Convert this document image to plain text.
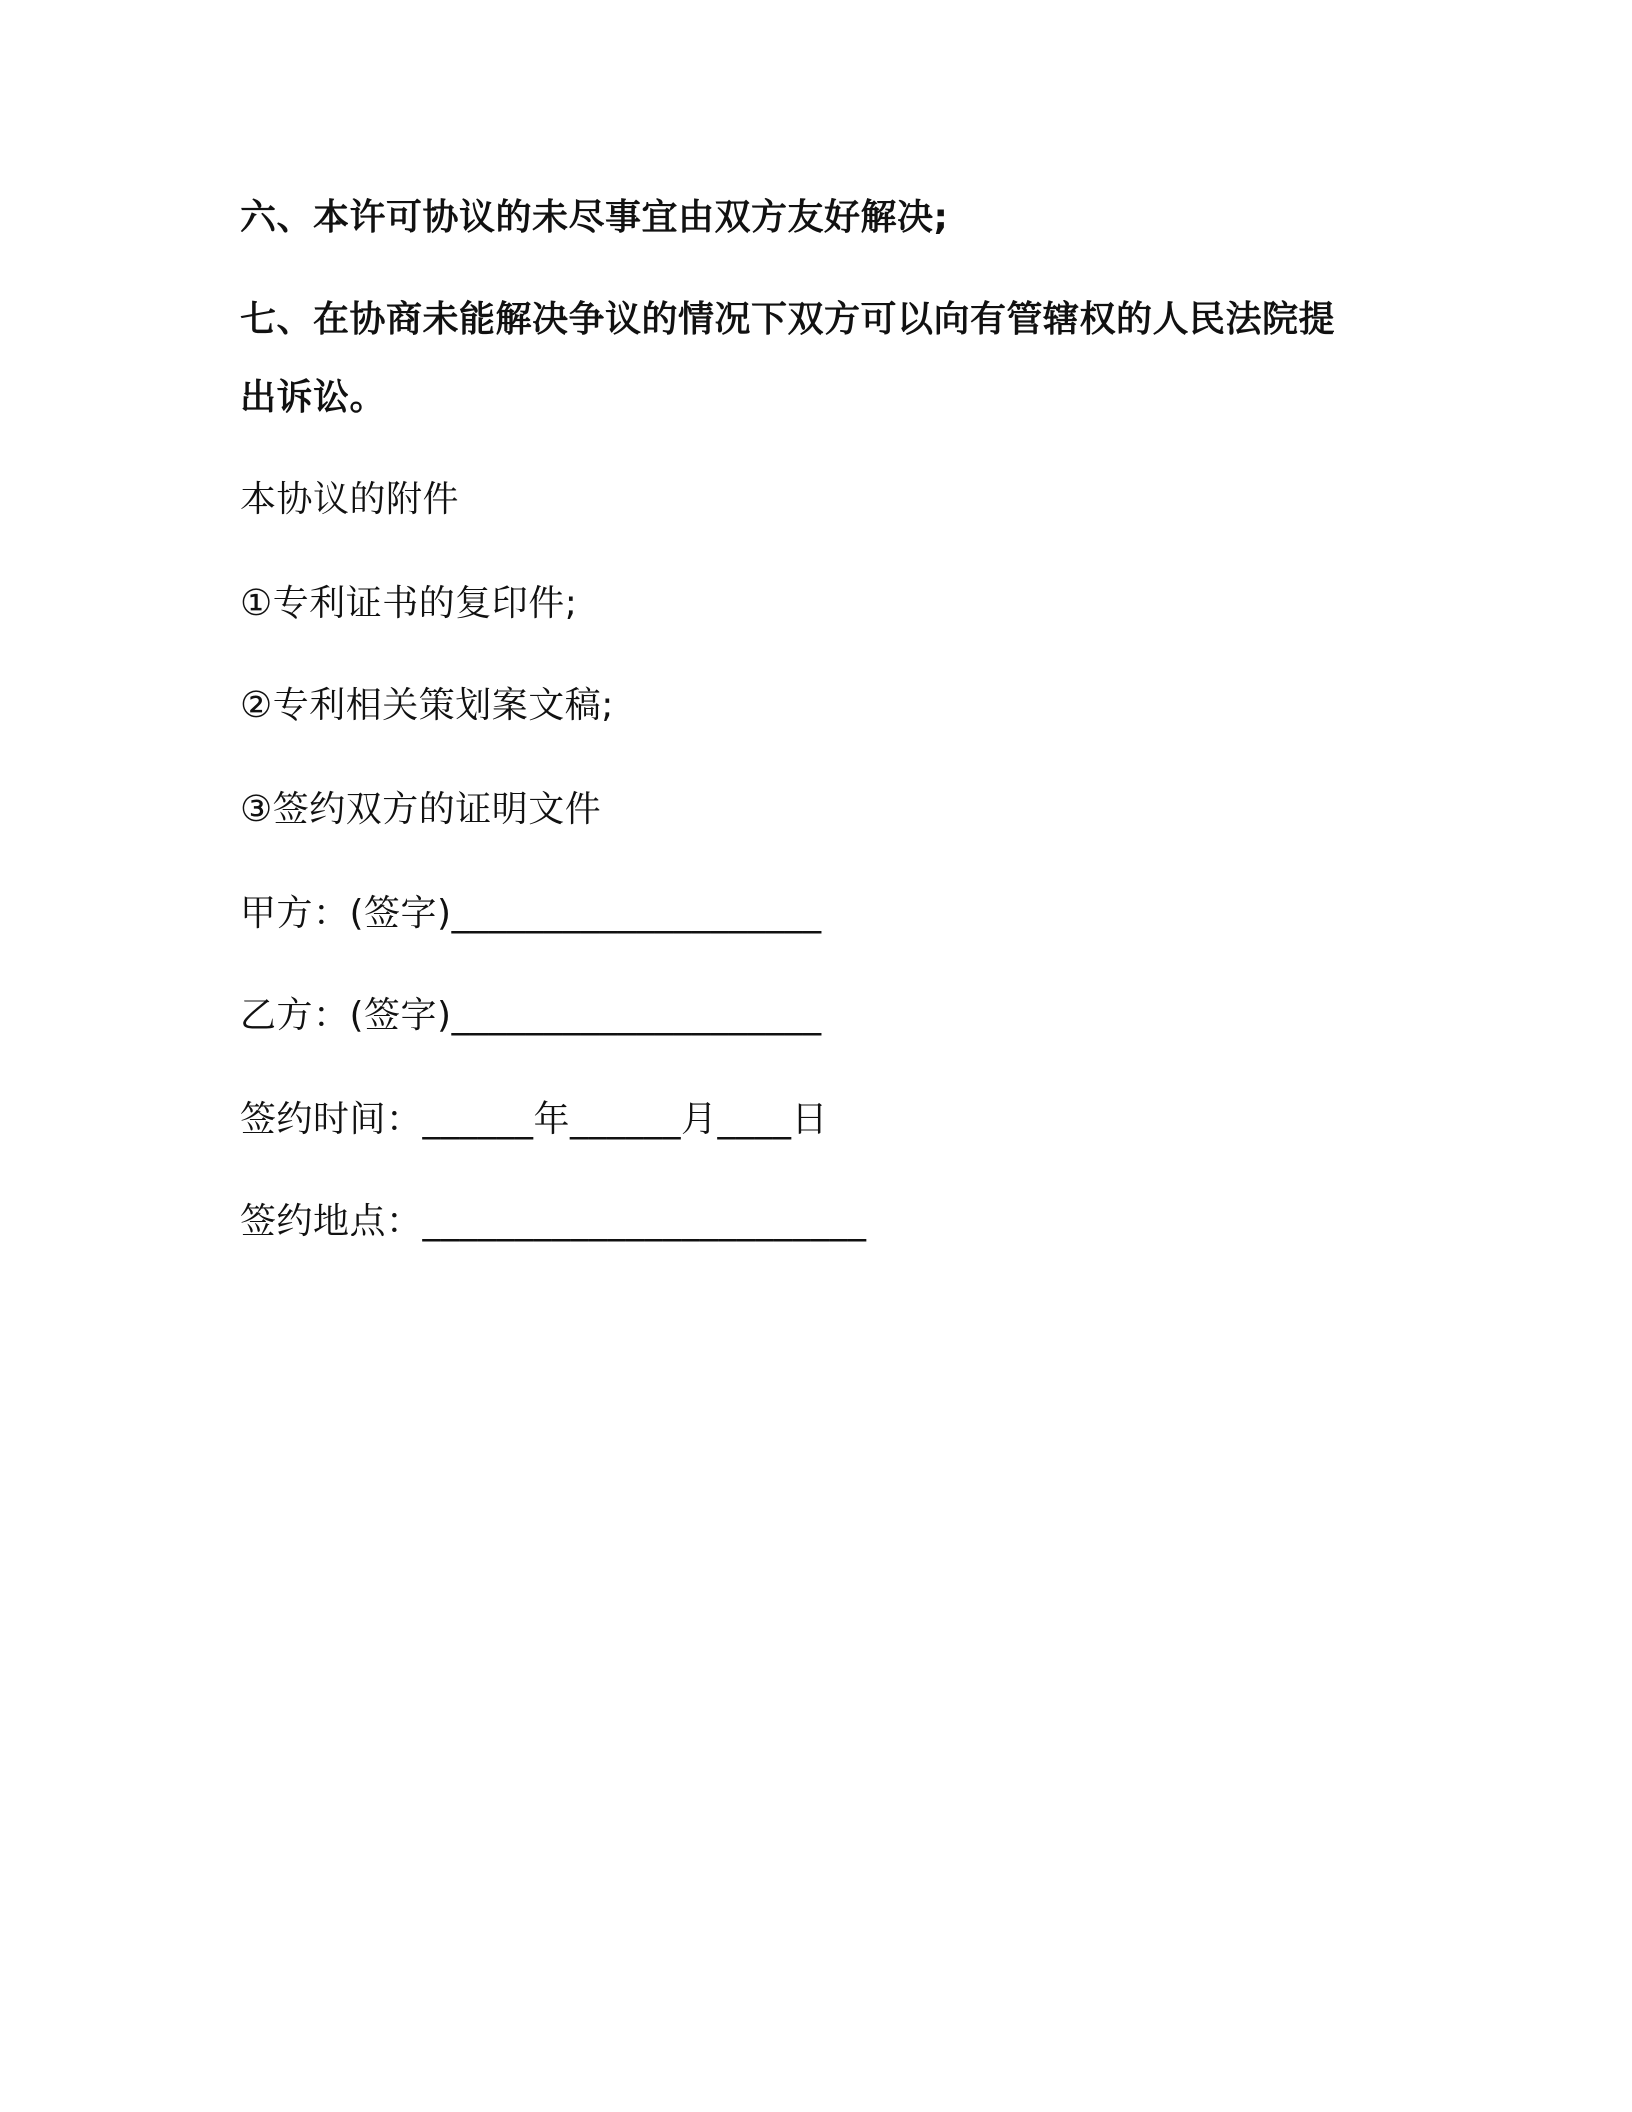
六、本许可协议的未尽事宜由双方友好解决;

七、在协商未能解决争议的情况下双方可以向有管辖权的人民法院提

出诉讼。

本协议的附件

①专利证书的复印件;

②专利相关策划案文稿;

③签约双方的证明文件

甲方：(签字)____________________

乙方：(签字)____________________

签约时间：______年______月____日

签约地点：________________________
